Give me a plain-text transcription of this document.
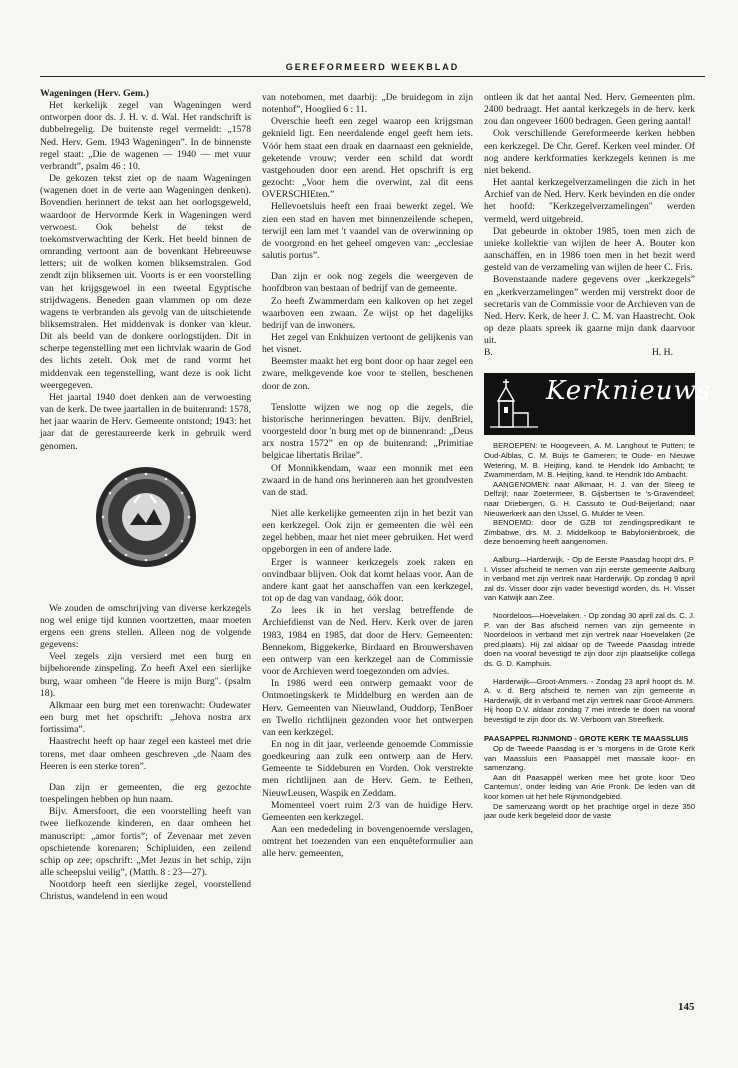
GEREFORMEERD WEEKBLAD
Wageningen (Herv. Gem.)

Het kerkelijk zegel van Wageningen werd ontworpen door ds. J. H. v. d. Wal. Het randschrift is dubbelregelig. De buitenste regel vermeldt: „1578 Ned. Herv. Gem. 1943 Wageningen”. In de binnenste regel staat: „Die de wagenen — 1940 — met vuur verbrandt”, psalm 46 : 10.

De gekozen tekst ziet op de naam Wageningen (wagenen doet in de verte aan Wageningen denken). Bovendien herinnert de tekst aan het oorlogsgeweld, waardoor de Hervormde Kerk in Wageningen werd verwoest. Ook behelst de tekst de toekomstverwachting der Kerk. Het beeld binnen de omranding vertoont aan de bovenkant Hebreeuwse letters; uit de wolken komen bliksemstralen. God zendt zijn bliksemen uit. Voorts is er een voorstelling van het krijgsgewoel in een tweetal Egyptische strijdwagens. Beneden gaan vlammen op om deze wagens te verbranden als gevolg van de uitschietende bliksemstralen. Het middenvak is donker van kleur. Dit als beeld van de donkere oorlogstijden. Dit in scherpe tegenstelling met een lichtvlak waarin de God des lichts zetelt. Ook met de rand vormt het middenvak een tegenstelling, want deze is ook licht weergegeven.

Het jaartal 1940 doet denken aan de verwoesting van de kerk. De twee jaartallen in de buitenrand: 1578, het jaar waarin de Herv. Gemeente ontstond; 1943: het jaar dat de gerestaureerde kerk in gebruik werd genomen.

We zouden de omschrijving van diverse kerkzegels nog wel enige tijd kunnen voortzetten, maar moeten ergens een grens stellen. Alleen nog de volgende gegevens:

Veel zegels zijn versierd met een burg en bijbehorende zinspeling. Zo heeft Axel een sierlijke burg, waar omheen "de Heere is mijn Burg". (psalm 18).

Alkmaar een burg met een torenwacht: Oudewater een burg met het opschrift: „Jehova nostra arx fortissima”.

Haastrecht heeft op haar zegel een kasteel met drie torens, met daar omheen geschreven „de Naam des Heeren is een sterke toren”.

Dan zijn er gemeenten, die erg gezochte toespelingen hebben op hun naam.

Bijv. Amersfoort, die een voorstelling heeft van twee liefkozende kinderen, en daar omheen het manuscript: „amor fortis”; of Zevenaar met zeven opschietende korenaren; Schipluiden, een zeilend schip op zee; opschrift: „Met Jezus in het schip, zijn alle scheepslui veilig”, (Matth. 8 : 23—27).

Nootdorp heeft een sierlijke zegel, voorstellend Christus, wandelend in een woud

van notebomen, met daarbij: „De bruidegom in zijn notenhof”, Hooglied 6 : 11.

Overschie heeft een zegel waarop een krijgsman geknield ligt. Een neerdalende engel geeft hem iets. Vóór hem staat een draak en daarnaast een geknielde, geketende vrouw; verder een schild dat wordt vastgehouden door een arend. Het opschrift is erg gezocht: „Voor hem die overwint, zal dit eens OVERSCHIEten.”

Hellevoetsluis heeft een fraai bewerkt zegel. We zien een stad en haven met binnenzeilende schepen, terwijl een lam met 't vaandel van de overwinning op de voorgrond en het geheel omgeven van: „ecclesiae salutis portus”.

Dan zijn er ook nog zegels die weergeven de hoofdbron van bestaan of bedrijf van de gemeente.

Zo heeft Zwammerdam een kalkoven op het zegel waarboven een zwaan. Ze wijst op het dagelijks bedrijf van de inwoners.

Het zegel van Enkhuizen vertoont de gelijkenis van het visnet.

Beemster maakt het erg bont door op haar zegel een zware, melkgevende koe voor te stellen, beschenen door de zon.

Tenslotte wijzen we nog op die zegels, die historische herinneringen bevatten. Bijv. denBriel, voorgesteld door 'n burg met op de binnenrand: „Deus arx nostra 1572” en op de buitenrand: „Primitiae belgicae libertatis Brilae”.

Of Monnikkendam, waar een monnik met een zwaard in de hand ons herinneren aan het grondvesten van de stad.

Niet alle kerkelijke gemeenten zijn in het bezit van een kerkzegel. Ook zijn er gemeenten die wèl een zegel hebben, maar het niet meer gebruiken. Het werd opgeborgen in een of andere lade.

Erger is wanneer kerkzegels zoek raken en onvindbaar blijven. Ook dat komt helaas voor. Aan de andere kant gaat het aanschaffen van een kerkzegel, tot op de dag van vandaag, óók door.

Zo lees ik in het verslag betreffende de Archiefdienst van de Ned. Herv. Kerk over de jaren 1983, 1984 en 1985, dat door de Herv. Gemeenten: Bennekom, Biggekerke, Birdaard en Brouwershaven een ontwerp van een kerkzegel aan de Commissie voor de Archieven werd toegezonden om advies.

In 1986 werd een ontwerp gemaakt voor de Ontmoetingskerk te Middelburg en werden aan de Herv. Gemeenten van Nieuwland, Ouddorp, TenBoer en Twello richtlijnen gezonden voor het ontwerpen van een kerkzegel.

En nog in dit jaar, verleende genoemde Commissie goedkeuring aan zulk een ontwerp aan de Herv. Gemeente te Siddeburen en Vorden. Ook verstrekte men richtlijnen aan de Herv. Gem. te Eethen, NieuwLeusen, Waspik en Zeddam.

Momenteel voert ruim 2/3 van de huidige Herv. Gemeenten een kerkzegel.

Aan een mededeling in bovengenoemde verslagen, omtrent het toezenden van een enquêteformulier aan alle herv. gemeenten,

ontleen ik dat het aantal Ned. Herv. Gemeenten plm. 2400 bedraagt. Het aantal kerkzegels in de herv. kerk zou dan ongeveer 1600 bedragen. Geen gering aantal!

Ook verschillende Gereformeerde kerken hebben een kerkzegel. De Chr. Geref. Kerken veel minder. Of nog andere kerkformaties kerkzegels kennen is me niet bekend.

Het aantal kerkzegelverzamelingen die zich in het Archief van de Ned. Herv. Kerk bevinden en die onder het hoofd: "Kerkzegelverzamelingen" werden vermeld, werd uitgebreid.

Dat gebeurde in oktober 1985, toen men zich de unieke kollektie van wijlen de heer A. Bouter kon aanschaffen, en in 1986 toen men in het bezit werd gesteld van de verzameling van wijlen de heer C. Fris.

Bovenstaande nadere gegevens over „kerkzegels” en „kerkverzamelingen” werden mij verstrekt door de secretaris van de Commissie voor de Archieven van de Ned. Herv. Kerk, de heer J. C. M. van Haastrecht. Ook op deze plaats spreek ik gaarne mijn dank daarvoor uit.

B.	H. H.
Kerknieuws

BEROEPEN: te Hoogeveen, A. M. Langhout te Putten; te Oud-Alblas, C. M. Buijs te Gameren; te Oude- en Nieuwe Wetering, M. B. Heijting, kand. te Hendrik Ido Ambacht; te Zwammerdam, M. B. Heijting, kand. te Hendrik Ido Ambacht.

AANGENOMEN: naar Alkmaar, H. J. van der Steeg te Delfzijl; naar Zoetermeer, B. Gijsbertsen te 's-Gravendeel; naar Driebergen, G. H. Cassuto te Oud-Beijerland; naar Nieuwerkerk aan den IJssel, G. Mulder te Veen.

BENOEMD: door de GZB tot zendingspredikant te Zimbabwe, drs. M. J. Middelkoop te Babyloniënbroek, die deze benoeming heeft aangenomen.

Aalburg—Harderwijk. - Op de Eerste Paasdag hoopt drs. P. I. Visser afscheid te nemen van zijn eerste gemeente Aalburg in verband met zijn vertrek naar Harderwijk. Op zondag 9 april zal ds. Visser door zijn vader bevestigd worden, ds. H. Visser van Katwijk aan Zee.

Noordeloos—Hoevelaken. - Op zondag 30 april zal ds. C. J. P. van der Bas afscheid nemen van zijn gemeente in Noordeloos in verband met zijn vertrek naar Hoevelaken (2e pred.plaats). Hij zal aldaar op de Tweede Paasdag intrede doen na vooraf bevestigd te zijn door zijn plaatselijke collega ds. G. D. Kamphuis.

Harderwijk—Groot-Ammers. - Zondag 23 april hoopt ds. M. A. v. d. Berg afscheid te nemen van zijn gemeente in Harderwijk, dit in verband met zijn vertrek naar Groot-Ammers. Hij hoop D.V. aldaar zondag 7 mei intrede te doen na vooraf bevestigd te zijn door ds. W. Verboom van Streefkerk.

PAASAPPEL RIJNMOND - GROTE KERK TE MAASSLUIS

Op de Tweede Paasdag is er 's morgens in de Grote Kerk van Maassluis een Paasappèl met massale koor- en samenzang.

Aan dit Paasappèl werken mee het grote koor 'Deo Cantemus', onder leiding van Arie Pronk. De leden van dit koor komen uit het hele Rijnmondgebied.

De samenzang wordt op het prachtige orgel in deze 350 jaar oude kerk begeleid door de vaste

145
